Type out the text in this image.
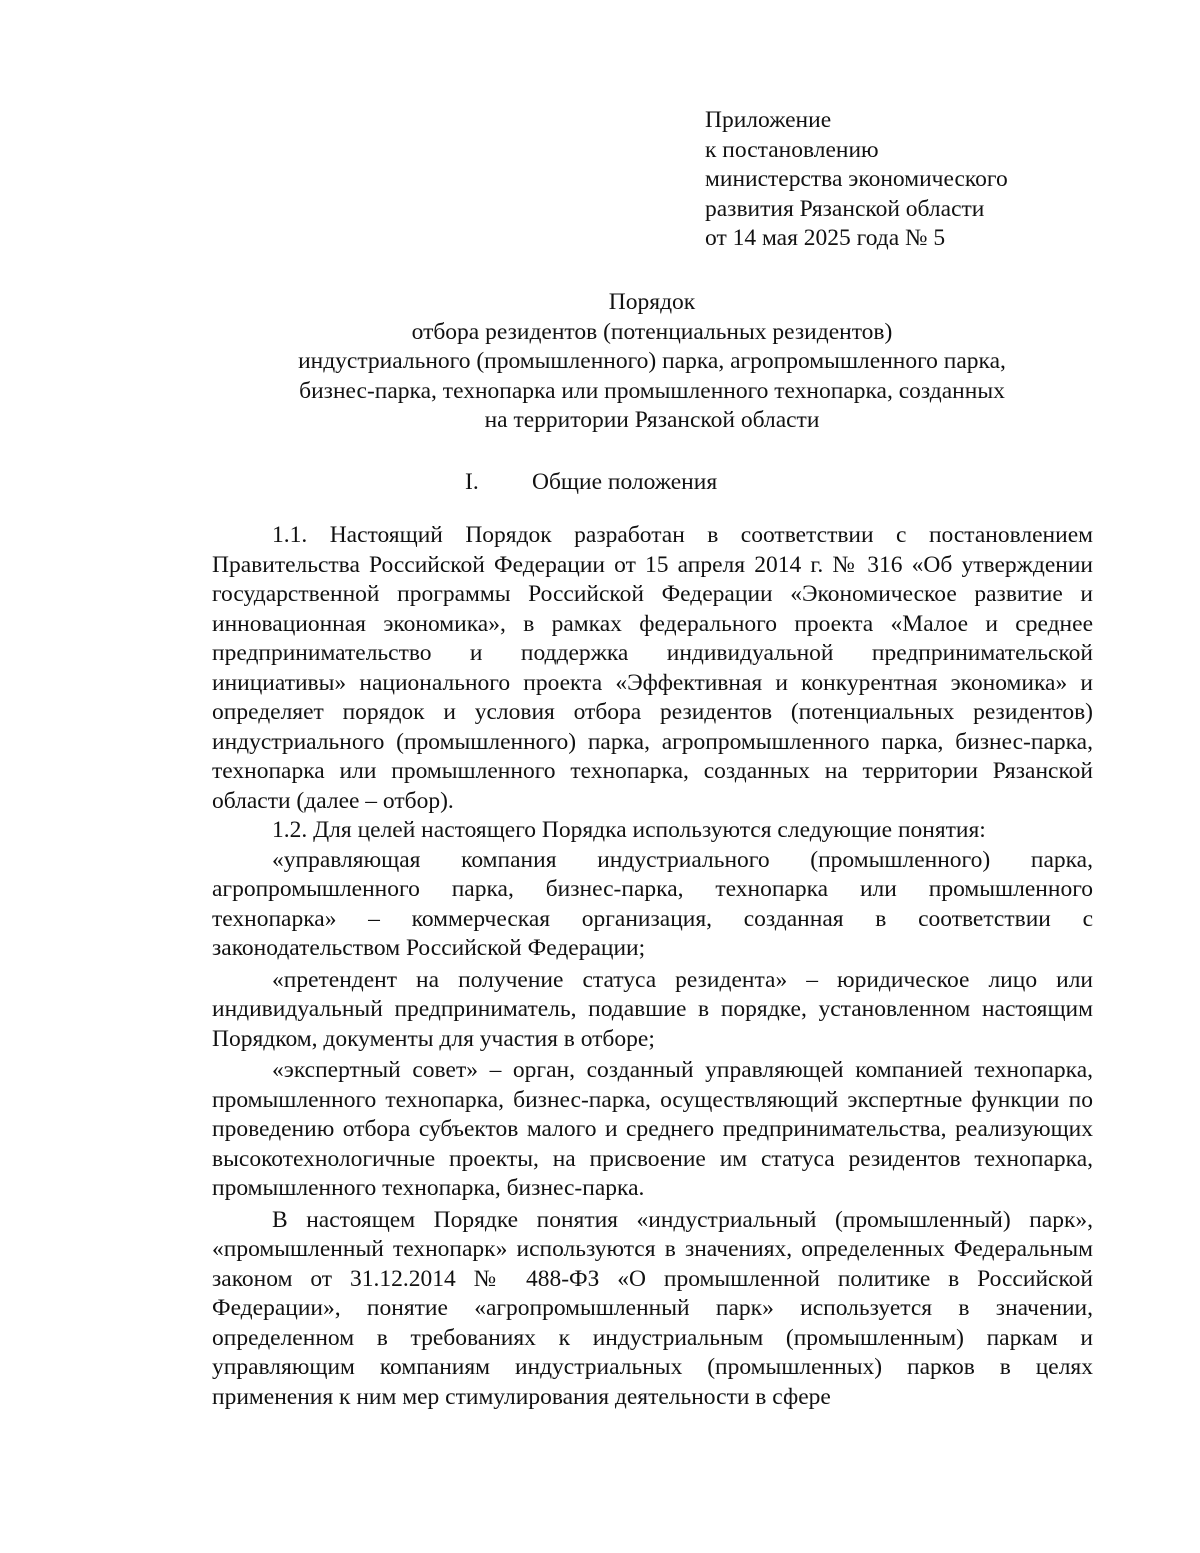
Приложение
к постановлению
министерства экономического
развития Рязанской области
от 14 мая 2025 года № 5
Порядок
отбора резидентов (потенциальных резидентов)
индустриального (промышленного) парка, агропромышленного парка,
бизнес-парка, технопарка или промышленного технопарка, созданных
на территории Рязанской области
I. Общие положения

1.1. Настоящий Порядок разработан в соответствии с постановлением Правительства Российской Федерации от 15 апреля 2014 г. № 316 «Об утверждении государственной программы Российской Федерации «Экономическое развитие и инновационная экономика», в рамках федерального проекта «Малое и среднее предпринимательство и поддержка индивидуальной предпринимательской инициативы» национального проекта «Эффективная и конкурентная экономика» и определяет порядок и условия отбора резидентов (потенциальных резидентов) индустриального (промышленного) парка, агропромышленного парка, бизнес-парка, технопарка или промышленного технопарка, созданных на территории Рязанской области (далее – отбор).

1.2. Для целей настоящего Порядка используются следующие понятия:

«управляющая компания индустриального (промышленного) парка, агропромышленного парка, бизнес-парка, технопарка или промышленного технопарка» – коммерческая организация, созданная в соответствии с законодательством Российской Федерации;

«претендент на получение статуса резидента» – юридическое лицо или индивидуальный предприниматель, подавшие в порядке, установленном настоящим Порядком, документы для участия в отборе;

«экспертный совет» – орган, созданный управляющей компанией технопарка, промышленного технопарка, бизнес-парка, осуществляющий экспертные функции по проведению отбора субъектов малого и среднего предпринимательства, реализующих высокотехнологичные проекты, на присвоение им статуса резидентов технопарка, промышленного технопарка, бизнес-парка.

В настоящем Порядке понятия «индустриальный (промышленный) парк», «промышленный технопарк» используются в значениях, определенных Федеральным законом от 31.12.2014 № 488-ФЗ «О промышленной политике в Российской Федерации», понятие «агропромышленный парк» используется в значении, определенном в требованиях к индустриальным (промышленным) паркам и управляющим компаниям индустриальных (промышленных) парков в целях применения к ним мер стимулирования деятельности в сфере
